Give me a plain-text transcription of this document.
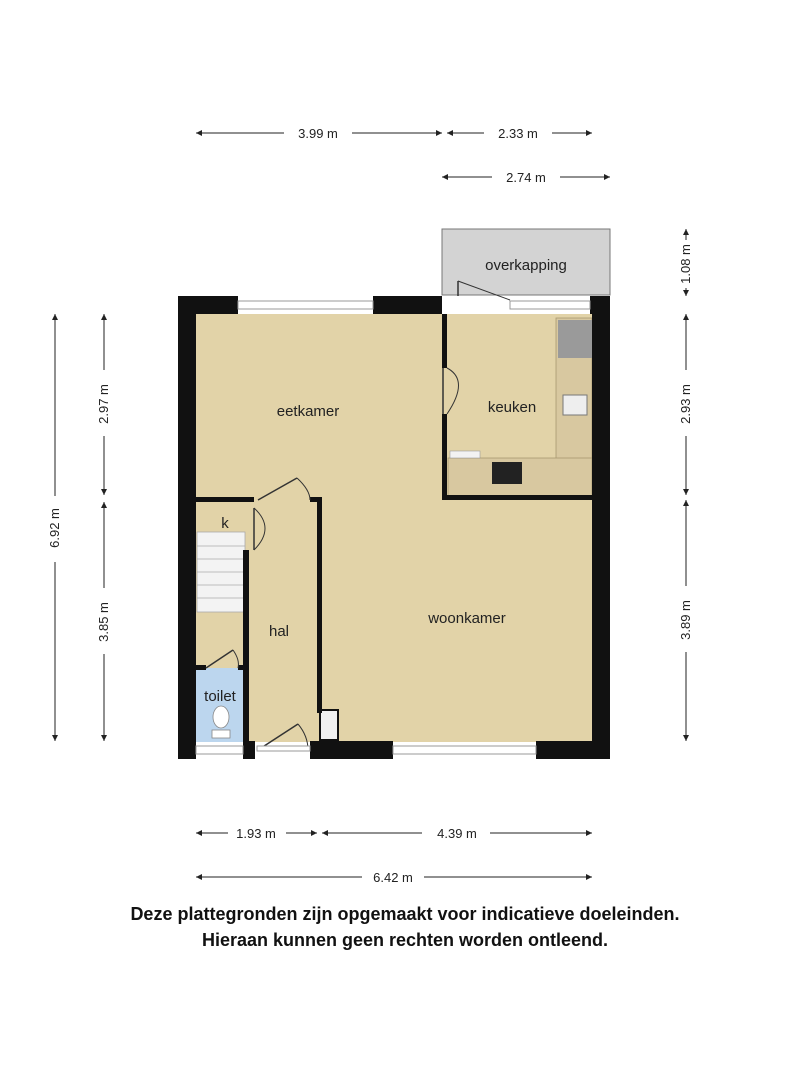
overkapping
eetkamer	keuken
woonkamer
hal
k
toilet
3.99 m	2.33 m
2.74 m
1.08 m
2.93 m
3.89 m
6.92 m
2.97 m
3.85 m
1.93 m	4.39 m
6.42 m
Deze plattegronden zijn opgemaakt voor indicatieve doeleinden.
Hieraan kunnen geen rechten worden ontleend.
